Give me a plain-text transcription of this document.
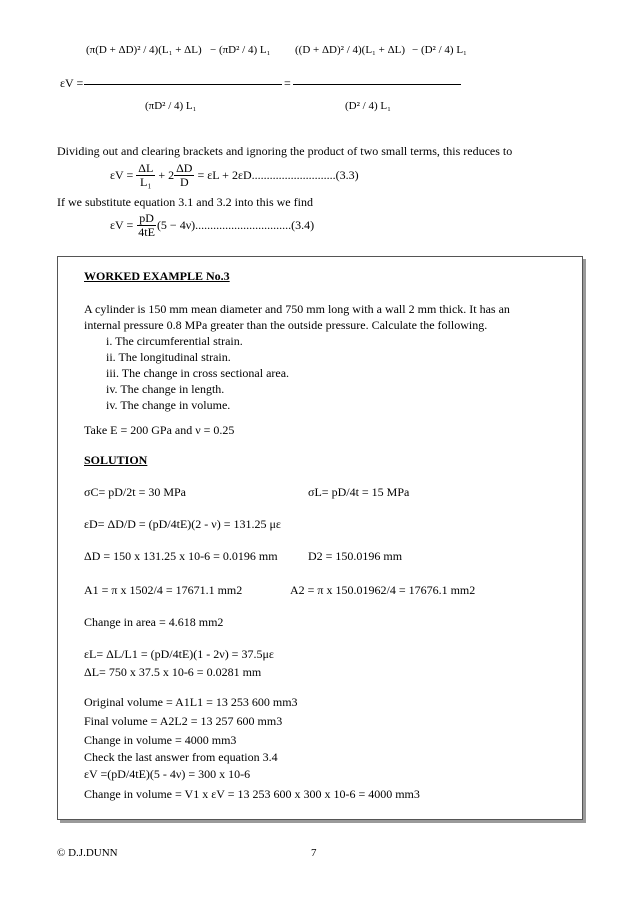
εV =
(π(D + ΔD)² / 4)(L₁ + ΔL) − (πD² / 4) L₁
(πD² / 4) L₁
=
((D + ΔD)² / 4)(L₁ + ΔL) − (D² / 4) L₁
(D² / 4) L₁
Dividing out and clearing brackets and ignoring the product of two small terms, this reduces to
εV =
$\frac{\Delta L}{\text{L₁}}$
+ $2 \frac{\Delta D}{D}$
= εL + 2εD............................(3.3)
If we substitute equation 3.1 and 3.2 into this we find
εV =
$\frac{pD}{4tE} (5 - 4\nu)................................(3.4)$
WORKED EXAMPLE No.3
A cylinder is 150 mm mean diameter and 750 mm long with a wall 2 mm thick. It has an
internal pressure 0.8 MPa greater than the outside pressure. Calculate the following.
i. The circumferential strain.
ii. The longitudinal strain.
iii. The change in cross sectional area.
iv. The change in length.
iv. The change in volume.
Take E = 200 GPa and ν = 0.25
SOLUTION
σC= pD/2t = 30 MPa	σL= pD/4t = 15 MPa
εD= ΔD/D = (pD/4tE)(2 - ν) = 131.25 με
ΔD = 150 x 131.25 x 10-6 = 0.0196 mm	D2 = 150.0196 mm
A1 = π x 1502/4 = 17671.1 mm2	A2 = π x 150.01962/4 = 17676.1 mm2
Change in area = 4.618 mm2
εL= ΔL/L1 = (pD/4tE)(1 - 2ν) = 37.5με
ΔL= 750 x 37.5 x 10-6 = 0.0281 mm
Original volume = A1L1 = 13 253 600 mm3
Final volume = A2L2 = 13 257 600 mm3
Change in volume = 4000 mm3
Check the last answer from equation 3.4
εV =(pD/4tE)(5 - 4ν) = 300 x 10-6
Change in volume = V1 x εV = 13 253 600 x 300 x 10-6 = 4000 mm3
© D.J.DUNN	7
